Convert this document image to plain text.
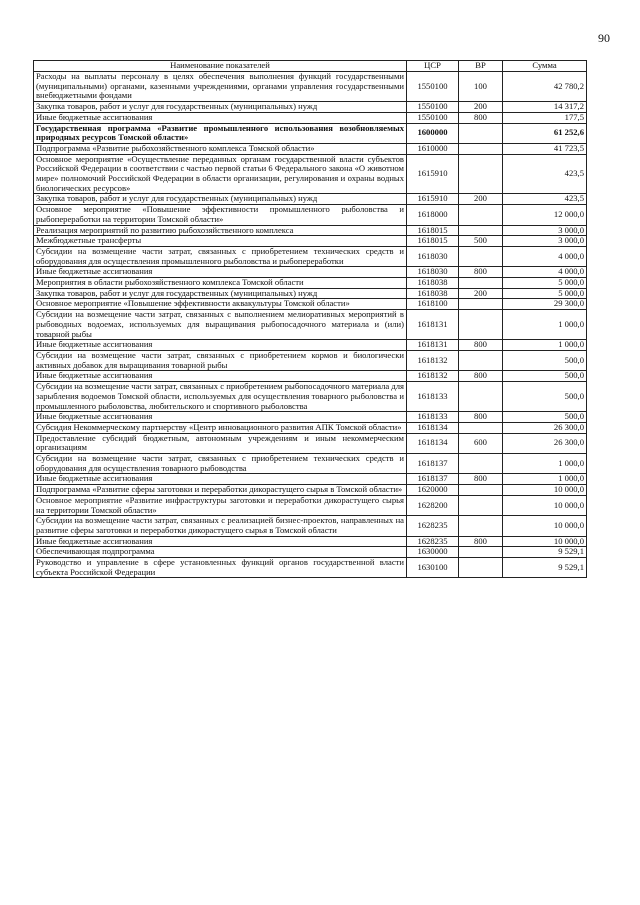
90
Наименование показателей	ЦСР	ВР	Сумма
Расходы на выплаты персоналу в целях обеспечения выполнения функций государственными (муниципальными) органами, казенными учреждениями, органами управления государственными внебюджетными фондами	1550100	100	42 780,2
Закупка товаров, работ и услуг для государственных (муниципальных) нужд	1550100	200	14 317,2
Иные бюджетные ассигнования	1550100	800	177,5
Государственная программа «Развитие промышленного использования возобновляемых природных ресурсов Томской области»	1600000		61 252,6
Подпрограмма «Развитие рыбохозяйственного комплекса Томской области»	1610000		41 723,5
Основное мероприятие «Осуществление переданных органам государственной власти субъектов Российской Федерации в соответствии с частью первой статьи 6 Федерального закона «О животном мире» полномочий Российской Федерации в области организации, регулирования и охраны водных биологических ресурсов»	1615910		423,5
Закупка товаров, работ и услуг для государственных (муниципальных) нужд	1615910	200	423,5
Основное мероприятие «Повышение эффективности промышленного рыболовства и рыбопереработки на территории Томской области»	1618000		12 000,0
Реализация мероприятий по развитию рыбохозяйственного комплекса	1618015		3 000,0
Межбюджетные трансферты	1618015	500	3 000,0
Субсидии на возмещение части затрат, связанных с приобретением технических средств и оборудования для осуществления промышленного рыболовства и рыбопереработки	1618030		4 000,0
Иные бюджетные ассигнования	1618030	800	4 000,0
Мероприятия в области рыбохозяйственного комплекса Томской области	1618038		5 000,0
Закупка товаров, работ и услуг для государственных (муниципальных) нужд	1618038	200	5 000,0
Основное мероприятие «Повышение эффективности аквакультуры Томской области»	1618100		29 300,0
Субсидии на возмещение части затрат, связанных с выполнением мелиоративных мероприятий в рыбоводных водоемах, используемых для выращивания рыбопосадочного материала и (или) товарной рыбы	1618131		1 000,0
Иные бюджетные ассигнования	1618131	800	1 000,0
Субсидии на возмещение части затрат, связанных с приобретением кормов и биологически активных добавок для выращивания товарной рыбы	1618132		500,0
Иные бюджетные ассигнования	1618132	800	500,0
Субсидии на возмещение части затрат, связанных с приобретением рыбопосадочного материала для зарыбления водоемов Томской области, используемых для осуществления товарного рыболовства и промышленного рыболовства, любительского и спортивного рыболовства	1618133		500,0
Иные бюджетные ассигнования	1618133	800	500,0
Субсидия Некоммерческому партнерству «Центр инновационного развития АПК Томской области»	1618134		26 300,0
Предоставление субсидий бюджетным, автономным учреждениям и иным некоммерческим организациям	1618134	600	26 300,0
Субсидии на возмещение части затрат, связанных с приобретением технических средств и оборудования для осуществления товарного рыбоводства	1618137		1 000,0
Иные бюджетные ассигнования	1618137	800	1 000,0
Подпрограмма «Развитие сферы заготовки и переработки дикорастущего сырья в Томской области»	1620000		10 000,0
Основное мероприятие «Развитие инфраструктуры заготовки и переработки дикорастущего сырья на территории Томской области»	1628200		10 000,0
Субсидии на возмещение части затрат, связанных с реализацией бизнес-проектов, направленных на развитие сферы заготовки и переработки дикорастущего сырья в Томской области	1628235		10 000,0
Иные бюджетные ассигнования	1628235	800	10 000,0
Обеспечивающая подпрограмма	1630000		9 529,1
Руководство и управление в сфере установленных функций органов государственной власти субъекта Российской Федерации	1630100		9 529,1
